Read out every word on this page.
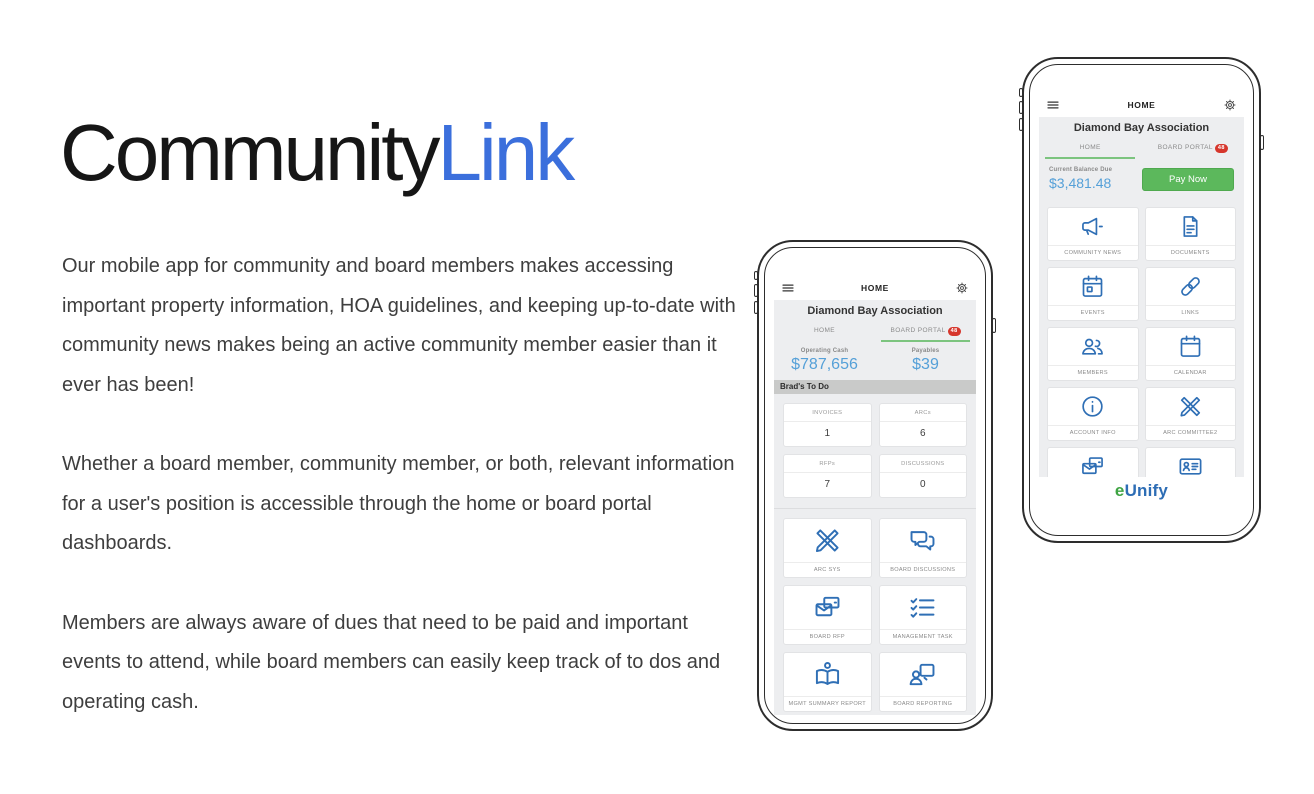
CommunityLink

Our mobile app for community and board members makes accessing important property information, HOA guidelines, and keeping up-to-date with community news makes being an active community member easier than it ever has been!

Whether a board member, community member, or both, relevant information for a user's position is accessible through the home or board portal dashboards.

Members are always aware of dues that need to be paid and important events to attend, while board members can easily keep track of to dos and operating cash.

HOME
Diamond Bay Association
HOME	BOARD PORTAL 48
Current Balance Due
$3,481.48	Pay Now
COMMUNITY NEWS	DOCUMENTS
EVENTS	LINKS
MEMBERS	CALENDAR
ACCOUNT INFO	ARC COMMITTEE2
eUnify
HOME
Diamond Bay Association
HOME	BOARD PORTAL 48
Operating Cash
$787,656
Payables
$39
Brad's To Do
INVOICES
1
ARCs
6
RFPs
7
DISCUSSIONS
0
ARC SYS	BOARD DISCUSSIONS
BOARD RFP	MANAGEMENT TASK
MGMT SUMMARY REPORT	BOARD REPORTING
